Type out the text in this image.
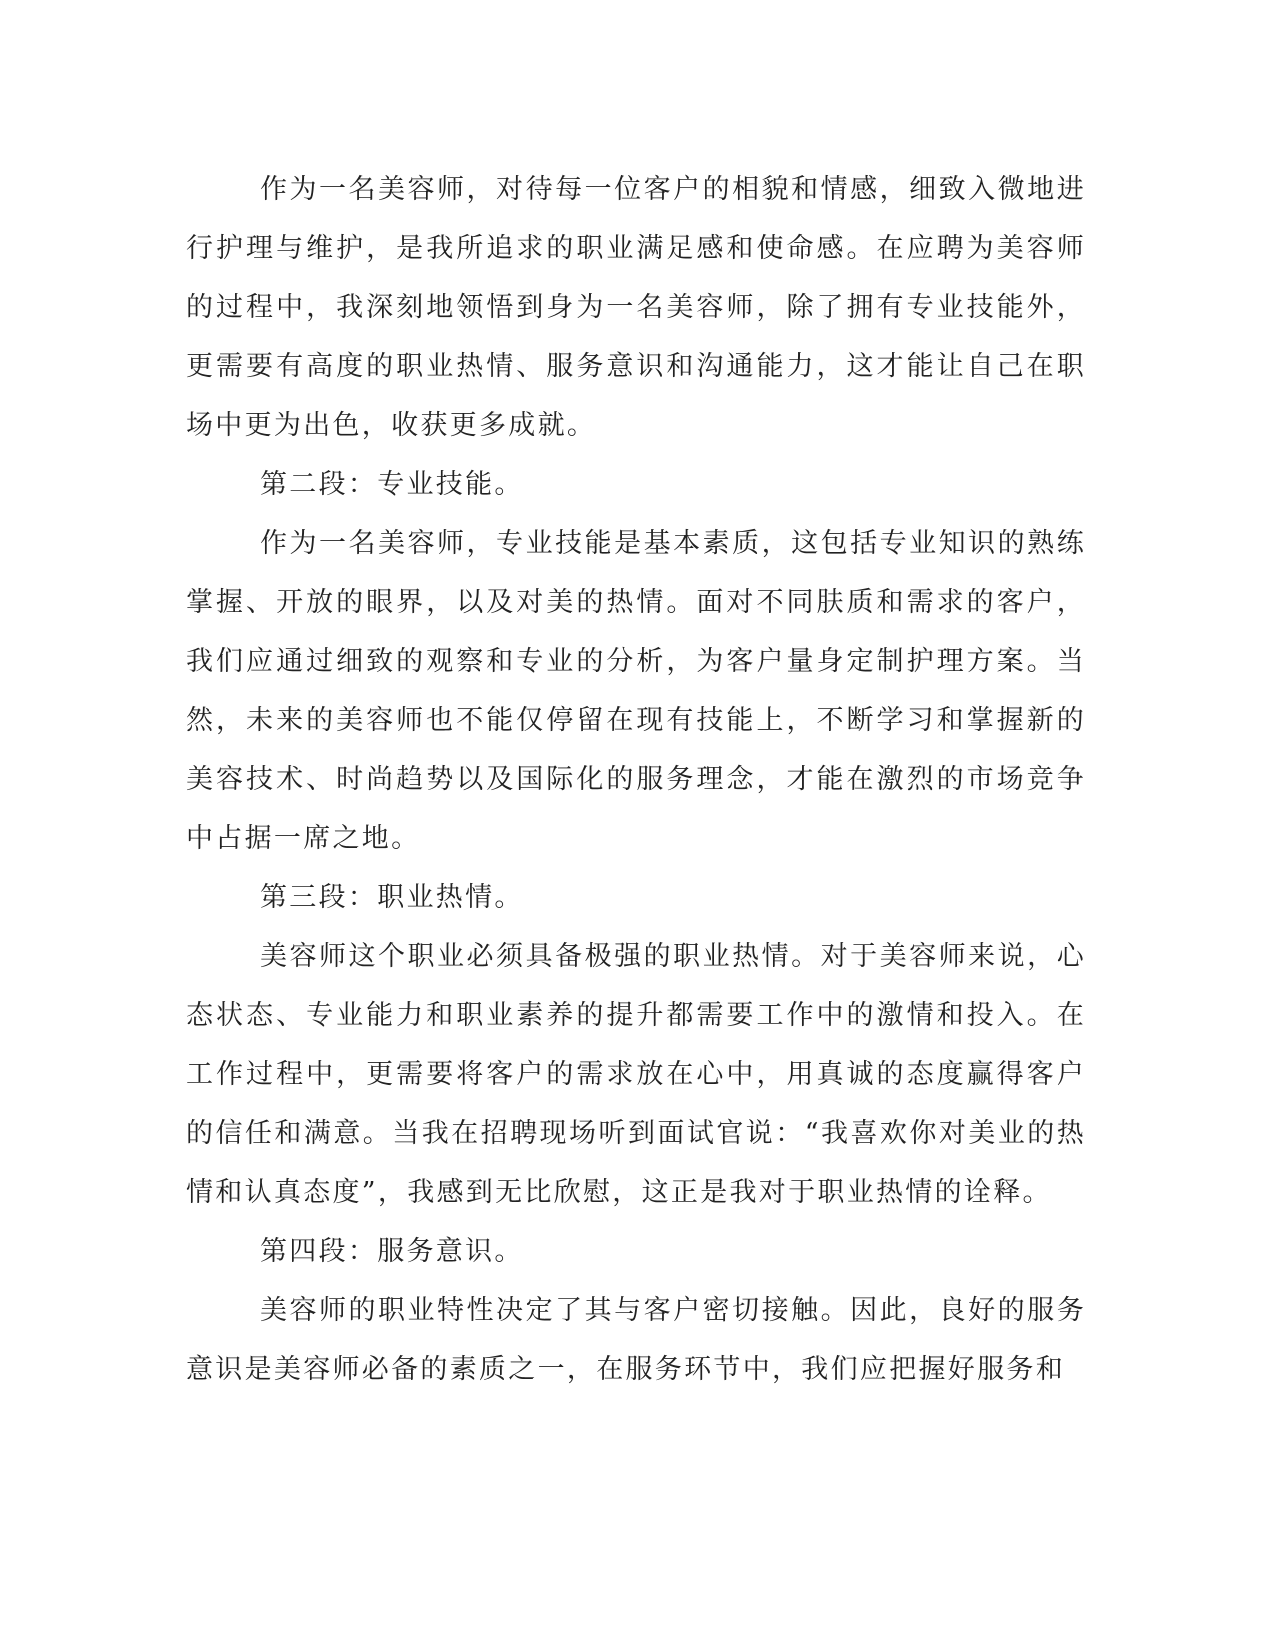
作为一名美容师，对待每一位客户的相貌和情感，细致入微地进行护理与维护，是我所追求的职业满足感和使命感。在应聘为美容师的过程中，我深刻地领悟到身为一名美容师，除了拥有专业技能外，更需要有高度的职业热情、服务意识和沟通能力，这才能让自己在职场中更为出色，收获更多成就。

第二段：专业技能。

作为一名美容师，专业技能是基本素质，这包括专业知识的熟练掌握、开放的眼界，以及对美的热情。面对不同肤质和需求的客户，我们应通过细致的观察和专业的分析，为客户量身定制护理方案。当然，未来的美容师也不能仅停留在现有技能上，不断学习和掌握新的美容技术、时尚趋势以及国际化的服务理念，才能在激烈的市场竞争中占据一席之地。

第三段：职业热情。

美容师这个职业必须具备极强的职业热情。对于美容师来说，心态状态、专业能力和职业素养的提升都需要工作中的激情和投入。在工作过程中，更需要将客户的需求放在心中，用真诚的态度赢得客户的信任和满意。当我在招聘现场听到面试官说：“我喜欢你对美业的热情和认真态度”，我感到无比欣慰，这正是我对于职业热情的诠释。

第四段：服务意识。

美容师的职业特性决定了其与客户密切接触。因此，良好的服务意识是美容师必备的素质之一，在服务环节中，我们应把握好服务和
